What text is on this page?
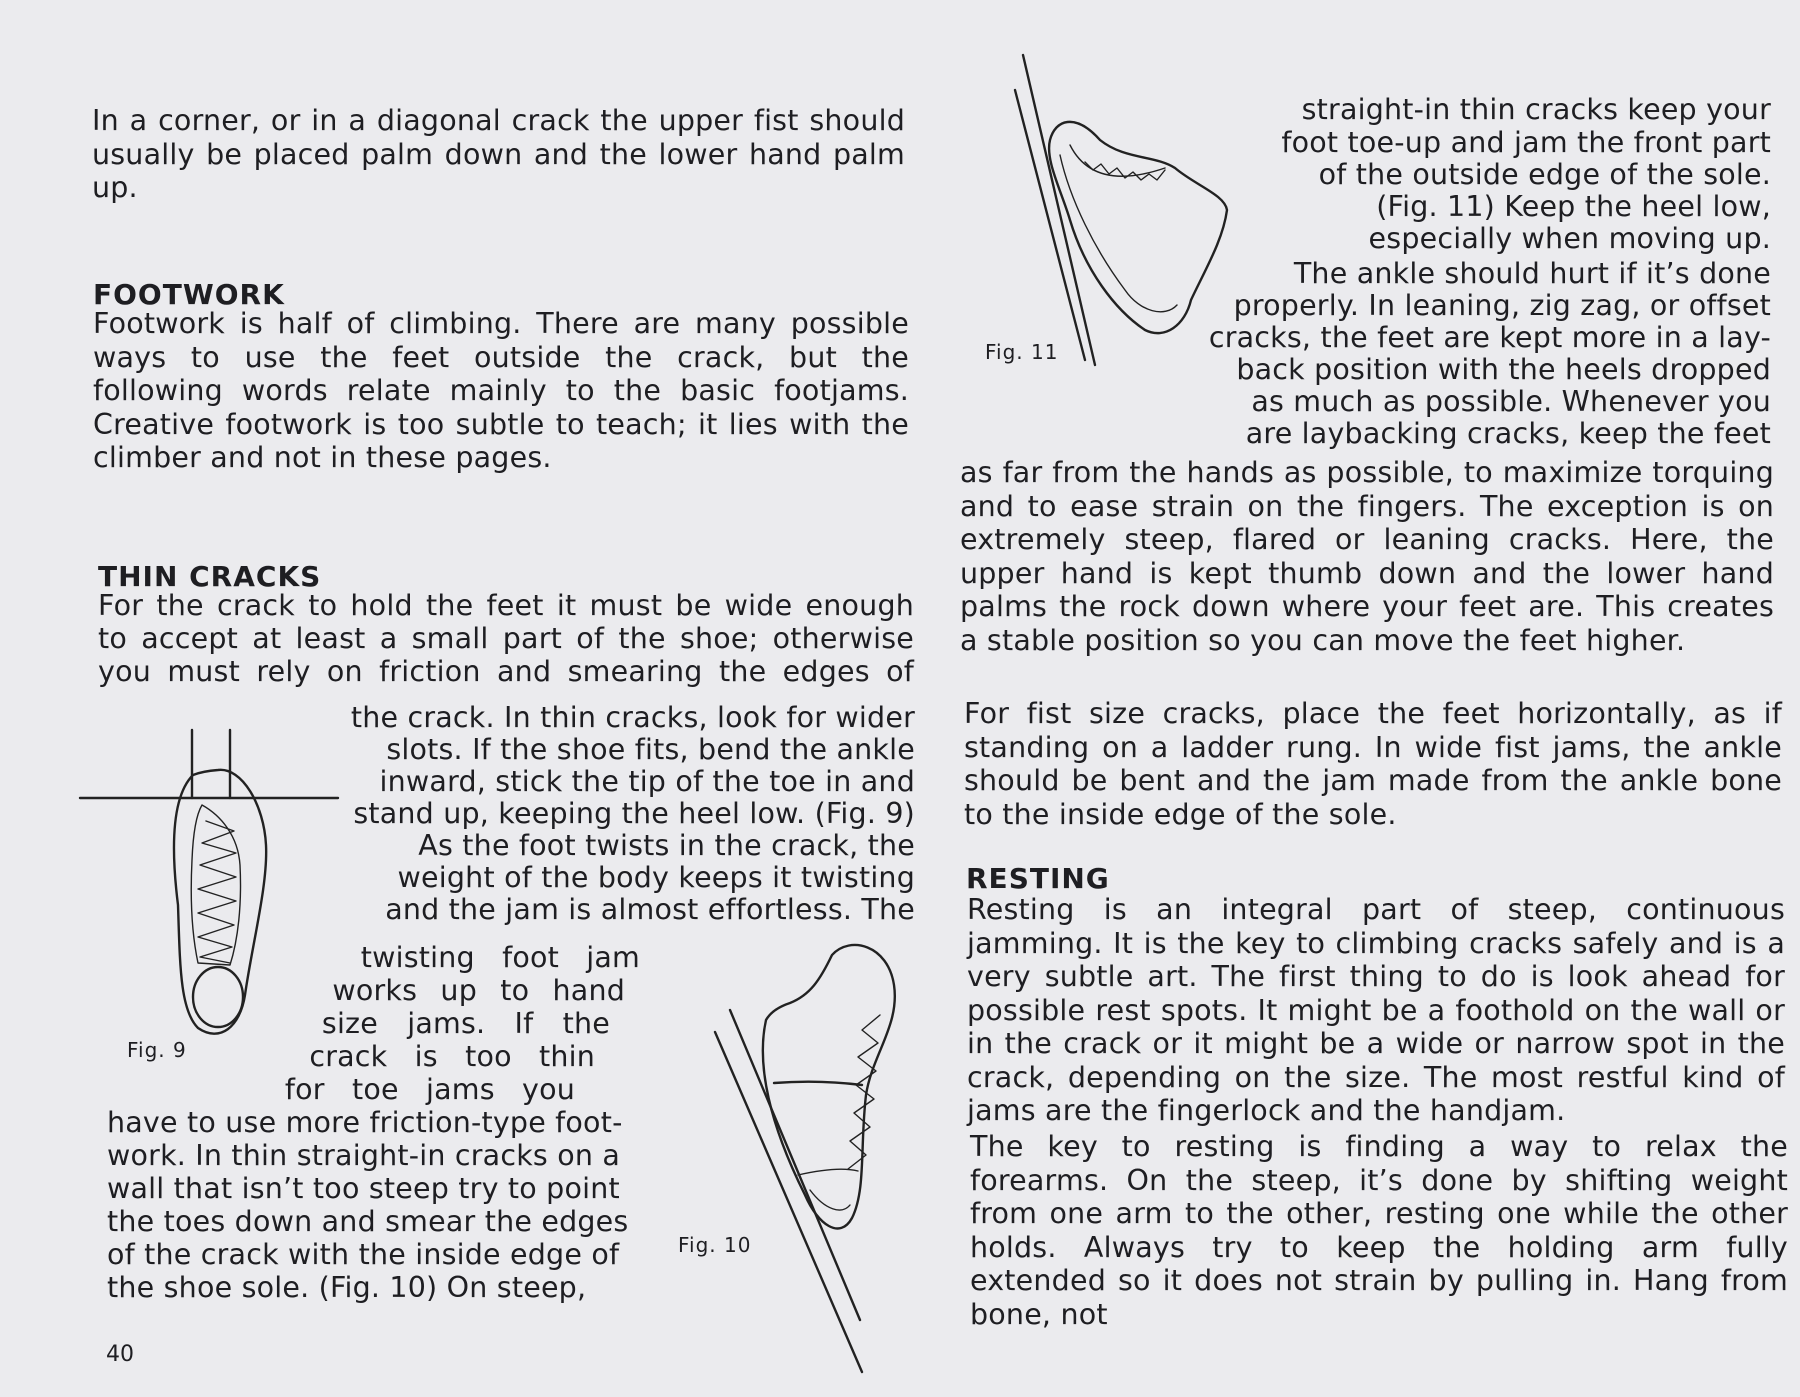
In a corner, or in a diagonal crack the upper fist should usually be placed palm down and the lower hand palm up.
FOOTWORK
Footwork is half of climbing. There are many possible ways to use the feet outside the crack, but the following words relate mainly to the basic footjams. Creative footwork is too subtle to teach; it lies with the climber and not in these pages.
THIN CRACKS
For the crack to hold the feet it must be wide enough
to accept at least a small part of the shoe; otherwise
you must rely on friction and smearing the edges of
the crack. In thin cracks, look for wider
slots. If the shoe fits, bend the ankle
inward, stick the tip of the toe in and
stand up, keeping the heel low. (Fig. 9)
As the foot twists in the crack, the
weight of the body keeps it twisting
and the jam is almost effortless. The
twisting foot jam
works up to hand
size jams. If the
crack is too thin
for toe jams you
have to use more friction-type foot-
work. In thin straight-in cracks on a
wall that isn’t too steep try to point
the toes down and smear the edges
of the crack with the inside edge of
the shoe sole. (Fig. 10) On steep,
40
Fig. 9
Fig. 10
Fig. 11
straight-in thin cracks keep your
foot toe-up and jam the front part
of the outside edge of the sole.
(Fig. 11) Keep the heel low,
especially when moving up.
The ankle should hurt if it’s done
properly. In leaning, zig zag, or offset
cracks, the feet are kept more in a lay-
back position with the heels dropped
as much as possible. Whenever you
are laybacking cracks, keep the feet
as far from the hands as possible, to maximize torquing and to ease strain on the fingers. The exception is on extremely steep, flared or leaning cracks. Here, the upper hand is kept thumb down and the lower hand palms the rock down where your feet are. This creates a stable position so you can move the feet higher.
For fist size cracks, place the feet horizontally, as if standing on a ladder rung. In wide fist jams, the ankle should be bent and the jam made from the ankle bone to the inside edge of the sole.
RESTING
Resting is an integral part of steep, continuous jamming. It is the key to climbing cracks safely and is a very subtle art. The first thing to do is look ahead for possible rest spots. It might be a foothold on the wall or in the crack or it might be a wide or narrow spot in the crack, depending on the size. The most restful kind of jams are the fingerlock and the handjam.
The key to resting is finding a way to relax the forearms. On the steep, it’s done by shifting weight from one arm to the other, resting one while the other holds. Always try to keep the holding arm fully extended so it does not strain by pulling in. Hang from bone, not
